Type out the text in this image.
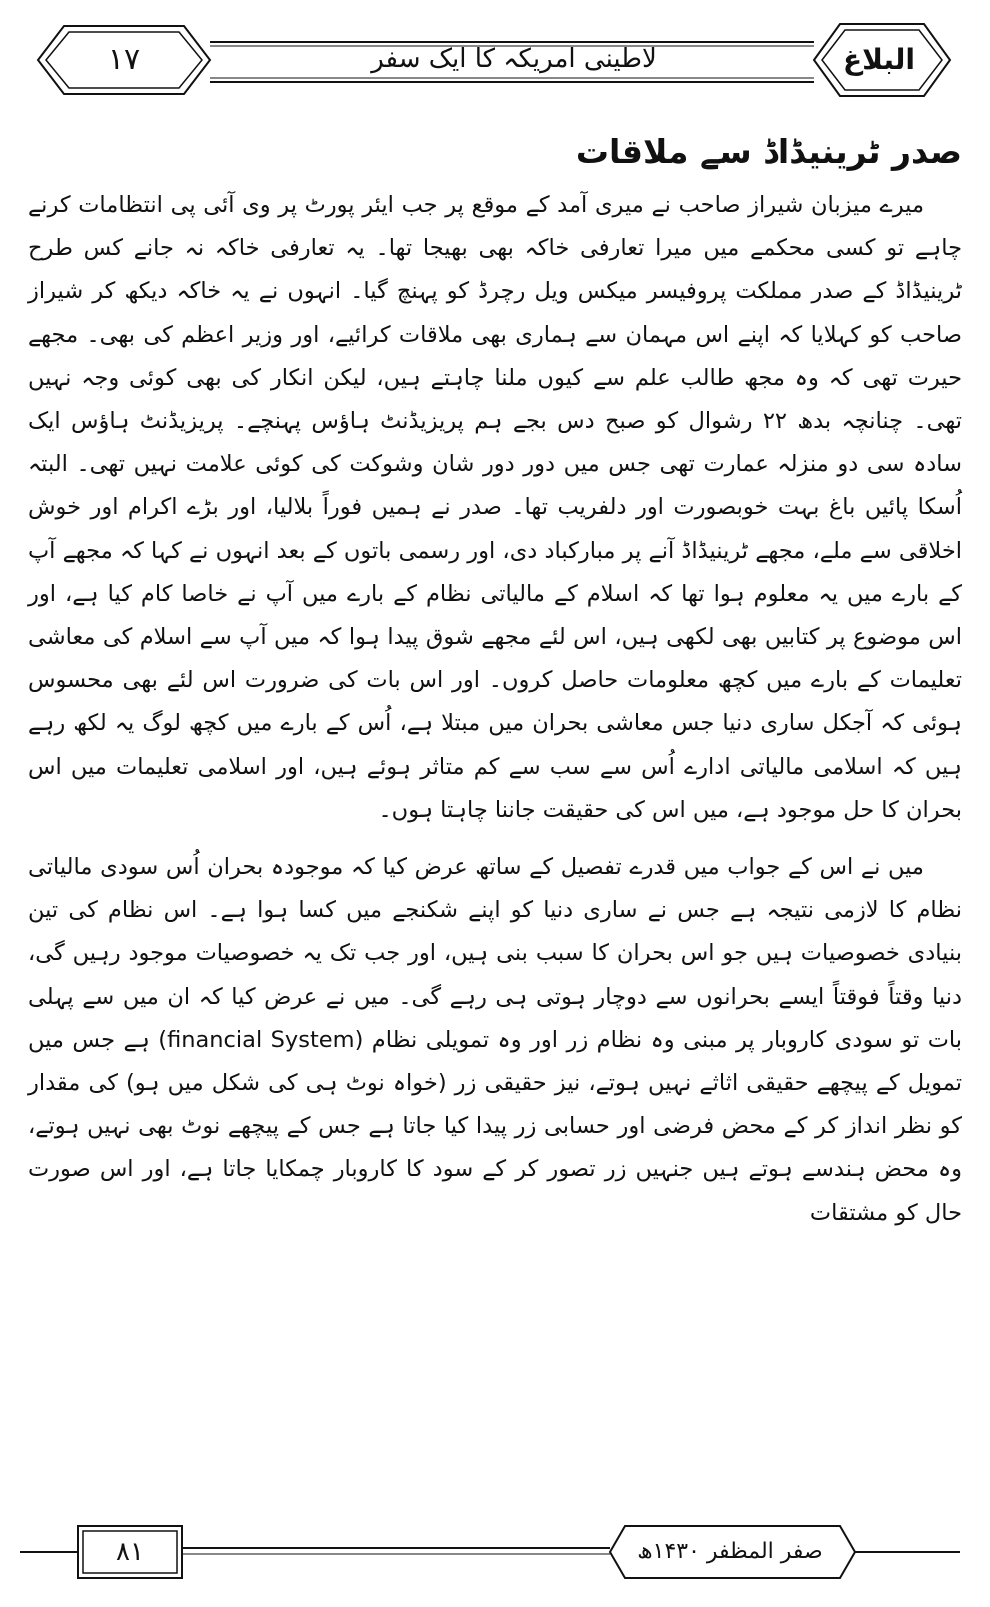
۱۷	لاطینی امریکہ کا ایک سفر	البلاغ
صدر ٹرینیڈاڈ سے ملاقات

میرے میزبان شیراز صاحب نے میری آمد کے موقع پر جب ایئر پورٹ پر وی آئی پی انتظامات کرنے چاہے تو کسی محکمے میں میرا تعارفی خاکہ بھی بھیجا تھا۔ یہ تعارفی خاکہ نہ جانے کس طرح ٹرینیڈاڈ کے صدر مملکت پروفیسر میکس ویل رچرڈ کو پہنچ گیا۔ انہوں نے یہ خاکہ دیکھ کر شیراز صاحب کو کہلایا کہ اپنے اس مہمان سے ہماری بھی ملاقات کرائیے، اور وزیر اعظم کی بھی۔ مجھے حیرت تھی کہ وہ مجھ طالب علم سے کیوں ملنا چاہتے ہیں، لیکن انکار کی بھی کوئی وجہ نہیں تھی۔ چنانچہ بدھ ۲۲ رشوال کو صبح دس بجے ہم پریزیڈنٹ ہاؤس پہنچے۔ پریزیڈنٹ ہاؤس ایک سادہ سی دو منزلہ عمارت تھی جس میں دور دور شان وشوکت کی کوئی علامت نہیں تھی۔ البتہ اُسکا پائیں باغ بہت خوبصورت اور دلفریب تھا۔ صدر نے ہمیں فوراً بلالیا، اور بڑے اکرام اور خوش اخلاقی سے ملے، مجھے ٹرینیڈاڈ آنے پر مبارکباد دی، اور رسمی باتوں کے بعد انہوں نے کہا کہ مجھے آپ کے بارے میں یہ معلوم ہوا تھا کہ اسلام کے مالیاتی نظام کے بارے میں آپ نے خاصا کام کیا ہے، اور اس موضوع پر کتابیں بھی لکھی ہیں، اس لئے مجھے شوق پیدا ہوا کہ میں آپ سے اسلام کی معاشی تعلیمات کے بارے میں کچھ معلومات حاصل کروں۔ اور اس بات کی ضرورت اس لئے بھی محسوس ہوئی کہ آجکل ساری دنیا جس معاشی بحران میں مبتلا ہے، اُس کے بارے میں کچھ لوگ یہ لکھ رہے ہیں کہ اسلامی مالیاتی ادارے اُس سے سب سے کم متاثر ہوئے ہیں، اور اسلامی تعلیمات میں اس بحران کا حل موجود ہے، میں اس کی حقیقت جاننا چاہتا ہوں۔

میں نے اس کے جواب میں قدرے تفصیل کے ساتھ عرض کیا کہ موجودہ بحران اُس سودی مالیاتی نظام کا لازمی نتیجہ ہے جس نے ساری دنیا کو اپنے شکنجے میں کسا ہوا ہے۔ اس نظام کی تین بنیادی خصوصیات ہیں جو اس بحران کا سبب بنی ہیں، اور جب تک یہ خصوصیات موجود رہیں گی، دنیا وقتاً فوقتاً ایسے بحرانوں سے دوچار ہوتی ہی رہے گی۔ میں نے عرض کیا کہ ان میں سے پہلی بات تو سودی کاروبار پر مبنی وہ نظام زر اور وہ تمویلی نظام (financial System) ہے جس میں تمویل کے پیچھے حقیقی اثاثے نہیں ہوتے، نیز حقیقی زر (خواہ نوٹ ہی کی شکل میں ہو) کی مقدار کو نظر انداز کر کے محض فرضی اور حسابی زر پیدا کیا جاتا ہے جس کے پیچھے نوٹ بھی نہیں ہوتے، وہ محض ہندسے ہوتے ہیں جنہیں زر تصور کر کے سود کا کاروبار چمکایا جاتا ہے، اور اس صورت حال کو مشتقات

۸۱	صفر المظفر ۱۴۳۰ھ
